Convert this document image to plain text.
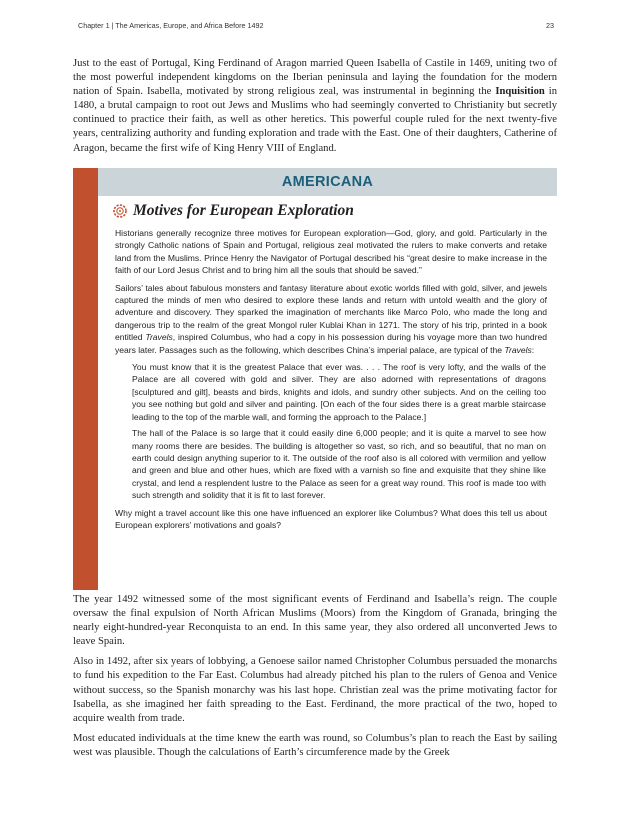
Chapter 1 | The Americas, Europe, and Africa Before 1492	23

Just to the east of Portugal, King Ferdinand of Aragon married Queen Isabella of Castile in 1469, uniting two of the most powerful independent kingdoms on the Iberian peninsula and laying the foundation for the modern nation of Spain. Isabella, motivated by strong religious zeal, was instrumental in beginning the Inquisition in 1480, a brutal campaign to root out Jews and Muslims who had seemingly converted to Christianity but secretly continued to practice their faith, as well as other heretics. This powerful couple ruled for the next twenty-five years, centralizing authority and funding exploration and trade with the East. One of their daughters, Catherine of Aragon, became the first wife of King Henry VIII of England.

AMERICANA
Motives for European Exploration

Historians generally recognize three motives for European exploration—God, glory, and gold. Particularly in the strongly Catholic nations of Spain and Portugal, religious zeal motivated the rulers to make converts and retake land from the Muslims. Prince Henry the Navigator of Portugal described his “great desire to make increase in the faith of our Lord Jesus Christ and to bring him all the souls that should be saved.”

Sailors’ tales about fabulous monsters and fantasy literature about exotic worlds filled with gold, silver, and jewels captured the minds of men who desired to explore these lands and return with untold wealth and the glory of adventure and discovery. They sparked the imagination of merchants like Marco Polo, who made the long and dangerous trip to the realm of the great Mongol ruler Kublai Khan in 1271. The story of his trip, printed in a book entitled Travels, inspired Columbus, who had a copy in his possession during his voyage more than two hundred years later. Passages such as the following, which describes China’s imperial palace, are typical of the Travels:

You must know that it is the greatest Palace that ever was. . . . The roof is very lofty, and the walls of the Palace are all covered with gold and silver. They are also adorned with representations of dragons [sculptured and gilt], beasts and birds, knights and idols, and sundry other subjects. And on the ceiling too you see nothing but gold and silver and painting. [On each of the four sides there is a great marble staircase leading to the top of the marble wall, and forming the approach to the Palace.]

The hall of the Palace is so large that it could easily dine 6,000 people; and it is quite a marvel to see how many rooms there are besides. The building is altogether so vast, so rich, and so beautiful, that no man on earth could design anything superior to it. The outside of the roof also is all colored with vermilion and yellow and green and blue and other hues, which are fixed with a varnish so fine and exquisite that they shine like crystal, and lend a resplendent lustre to the Palace as seen for a great way round. This roof is made too with such strength and solidity that it is fit to last forever.

Why might a travel account like this one have influenced an explorer like Columbus? What does this tell us about European explorers’ motivations and goals?

The year 1492 witnessed some of the most significant events of Ferdinand and Isabella’s reign. The couple oversaw the final expulsion of North African Muslims (Moors) from the Kingdom of Granada, bringing the nearly eight-hundred-year Reconquista to an end. In this same year, they also ordered all unconverted Jews to leave Spain.

Also in 1492, after six years of lobbying, a Genoese sailor named Christopher Columbus persuaded the monarchs to fund his expedition to the Far East. Columbus had already pitched his plan to the rulers of Genoa and Venice without success, so the Spanish monarchy was his last hope. Christian zeal was the prime motivating factor for Isabella, as she imagined her faith spreading to the East. Ferdinand, the more practical of the two, hoped to acquire wealth from trade.

Most educated individuals at the time knew the earth was round, so Columbus’s plan to reach the East by sailing west was plausible. Though the calculations of Earth’s circumference made by the Greek
